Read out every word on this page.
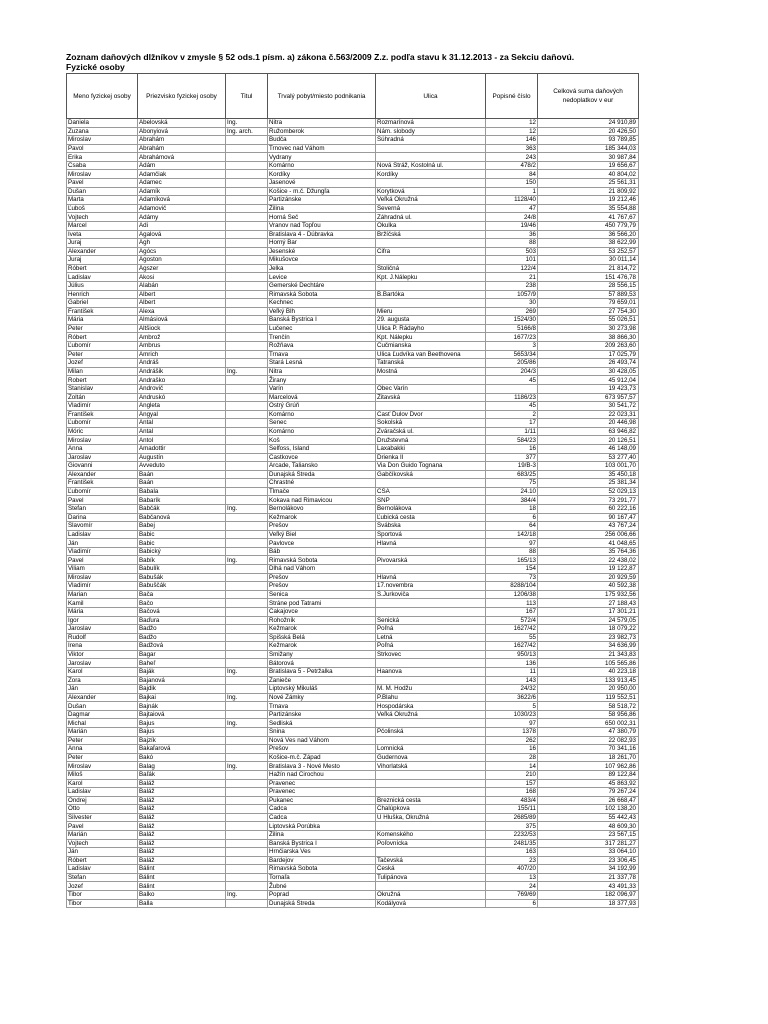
Zoznam daňových dlžníkov v zmysle § 52 ods.1 písm. a) zákona č.563/2009 Z.z. podľa stavu k 31.12.2013 - za Sekciu daňovú.
Fyzické osoby
Meno fyzickej osoby	Priezvisko fyzickej osoby	Titul	Trvalý pobyt/miesto podnikania	Ulica	Popisné číslo	Celková suma daňových nedoplatkov v eur
Daniela	Abelovská	Ing.	Nitra	Rozmarínová	12	24 910,89
Zuzana	Abonyiová	Ing. arch.	Ružomberok	Nám. slobody	12	20 426,50
Miroslav	Abrahám		Budča	Súhradná	146	93 789,85
Pavol	Abrahám		Trnovec nad Váhom		363	185 344,03
Erika	Abrahámová		Vydrany		243	30 987,84
Csaba	Ádám		Komárno	Nová Stráž, Kostolná ul.	478/2	19 656,67
Miroslav	Adamčiak		Kordíky	Kordíky	84	40 804,02
Pavel	Adamec		Jasenové		150	25 561,31
Dušan	Adamík		Košice - m.č. Džungľa	Korytková	1	21 809,92
Marta	Adamíková		Partizánske	Veľká Okružná	1128/40	19 212,46
Ľuboš	Adamovič		Žilina	Severná	47	35 554,88
Vojtech	Adámy		Horná Seč	Záhradná ul.	24/8	41 767,67
Marcel	Adi		Vranov nad Topľou	Okulka	19/46	450 779,79
Iveta	Agalová		Bratislava 4 - Dúbravka	Bržíčská	36	36 566,20
Juraj	Ágh		Horný Bar		88	38 622,99
Alexander	Agócs		Jesenské	Cifra	503	53 252,57
Juraj	Ágoston		Mikušovce		101	30 011,14
Róbert	Ágszer		Jelka	Stoličná	122/4	21 814,72
Ladislav	Akosi		Levice	Kpt. J.Nálepku	21	151 476,78
Július	Alabán		Gemerské Dechtáre		238	28 556,15
Henrich	Albert		Rimavská Sobota	B.Bartóka	1057/9	57 889,53
Gabriel	Albert		Kechnec		30	79 659,01
František	Alexa		Veľký Blh	Mieru	269	27 754,30
Mária	Almásiová		Banská Bystrica I	29. augusta	1524/30	55 026,51
Peter	Altšiock		Lučenec	Ulica P. Rádayho	5166/8	30 273,98
Róbert	Ambrož		Trenčín	Kpt. Nálepku	1677/23	38 866,30
Ľubomír	Ambrus		Rožňava	Čučmianska	3	209 263,60
Peter	Amrich		Trnava	Ulica Ľudvíka van Beethovena	5653/34	17 025,79
Jozef	Andráš		Stará Lesná	Tatranská	205/86	26 493,74
Milan	Andrášik	Ing.	Nitra	Mostná	204/3	30 428,05
Robert	Andraško		Žirany		45	45 912,04
Stanislav	Androvič		Varín	Obec Varín		19 423,73
Zoltán	Andruskó		Marcelová	Žitavská	1186/23	673 957,57
Vladimír	Angleta		Ostrý Grúň		45	30 541,72
František	Ángyal		Komárno	Časť Ďulov Dvor	2	22 023,31
Ľubomír	Antal		Senec	Sokolská	17	20 446,98
Móric	Antal		Komárno	Zváračská ul.	1/11	63 946,82
Miroslav	Antol		Koš	Družstevná	584/23	20 126,51
Anna	Amadottir		Selfoss, Island	Laxabakki	16	46 148,09
Jaroslav	Augustín		Častkovce	Drienka II	377	53 277,40
Giovanni	Avveduto		Arcade, Taliansko	Via Don Guido Tognana	19/B-3	103 001,70
Alexander	Baán		Dunajská Streda	Gabčíkovská	683/25	35 450,18
František	Baán		Chrastné		75	25 381,34
Ľubomír	Babala		Tlmače	ČSA	24.10	52 029,13
Pavel	Babarík		Kokava nad Rimavicou	SNP	384/4	73 291,77
Štefan	Babčák	Ing.	Bernolákovo	Bernolákova	18	60 222,16
Darina	Babčanová		Kežmarok	Ľubická cesta	6	90 167,47
Slavomír	Babej		Prešov	Švábska	64	43 767,24
Ladislav	Babic		Veľký Biel	Športová	142/18	256 006,66
Ján	Babic		Pavlovce	Hlavná	97	41 048,65
Vladimír	Babický		Báb		88	35 764,36
Pavel	Babík	Ing.	Rimavská Sobota	Pivovarská	165/13	22 438,02
Viliam	Babulík		Dlhá nad Váhom		154	19 122,87
Miroslav	Babušák		Prešov	Hlavná	73	20 929,59
Vladimír	Babuščák		Prešov	17.novembra	8288/104	40 592,38
Marian	Bača		Senica	S.Jurkoviča	1206/38	175 932,56
Kamil	Bačo		Stráne pod Tatrami		113	27 188,43
Mária	Bačová		Čakajovce		167	17 301,21
Igor	Baďura		Rohožník	Senická	572/4	24 579,05
Jaroslav	Badžo		Kežmarok	Poľná	1627/42	18 079,22
Rudolf	Badžo		Spišská Belá	Letná	55	23 982,73
Irena	Badžová		Kežmarok	Poľná	1627/42	34 636,99
Viktor	Bagar		Smižany	Štrkovec	950/13	21 343,83
Jaroslav	Baheľ		Bátorová		136	105 565,86
Karol	Baják	Ing.	Bratislava 5 - Petržalka	Haanova	11	40 223,18
Zora	Bajanová		Zanieče		143	133 913,45
Ján	Bajdik		Liptovský Mikuláš	M. M. Hodžu	24/32	20 950,00
Alexander	Bajkai	Ing.	Nové Zámky	P.Blahu	3622/6	119 552,51
Dušan	Bajnák		Trnava	Hospodárska	5	58 518,72
Dagmar	Bajtaiová		Partizánske	Veľká Okružná	1030/23	58 956,86
Michal	Bajus	Ing.	Sedliská		97	650 002,31
Marián	Bajus		Snina	Pčolinská	1378	47 380,79
Peter	Bajzík		Nová Ves nad Váhom		262	22 082,93
Anna	Bakaľarová		Prešov	Lomnická	16	70 341,16
Peter	Bakó		Košice-m.č. Západ	Gudernova	28	18 261,70
Miroslav	Balag	Ing.	Bratislava 3 - Nové Mesto	Vihorlatská	14	107 962,86
Miloš	Baľák		Hažín nad Cirochou		210	89 122,84
Karol	Baláž		Pravenec		157	45 863,92
Ladislav	Baláž		Pravenec		168	79 267,24
Ondrej	Baláž		Pukanec	Breznická cesta	483/4	26 668,47
Otto	Baláž		Čadca	Chalúpkova	155/11	102 138,20
Silvester	Baláž		Čadca	U Hluška, Okružná	2685/89	55 442,43
Pavel	Baláž		Liptovská Porúbka		375	48 609,30
Marián	Baláž		Žilina	Komenského	2232/53	23 567,15
Vojtech	Baláž		Banská Bystrica I	Poľovnícka	2481/35	317 281,27
Ján	Baláž		Hrnčiarska Ves		163	33 064,10
Róbert	Baláž		Bardejov	Tačevská	23	23 306,45
Ladislav	Bálint		Rimavská Sobota	Česká	407/20	34 192,99
Štefan	Bálint		Tornaľa	Tulipánova	13	21 337,78
Jozef	Bálint		Žubné		24	43 491,33
Tibor	Balko	Ing.	Poprad	Okružná	769/69	182 096,97
Tibor	Balla		Dunajská Streda	Kodályová	6	18 377,93
